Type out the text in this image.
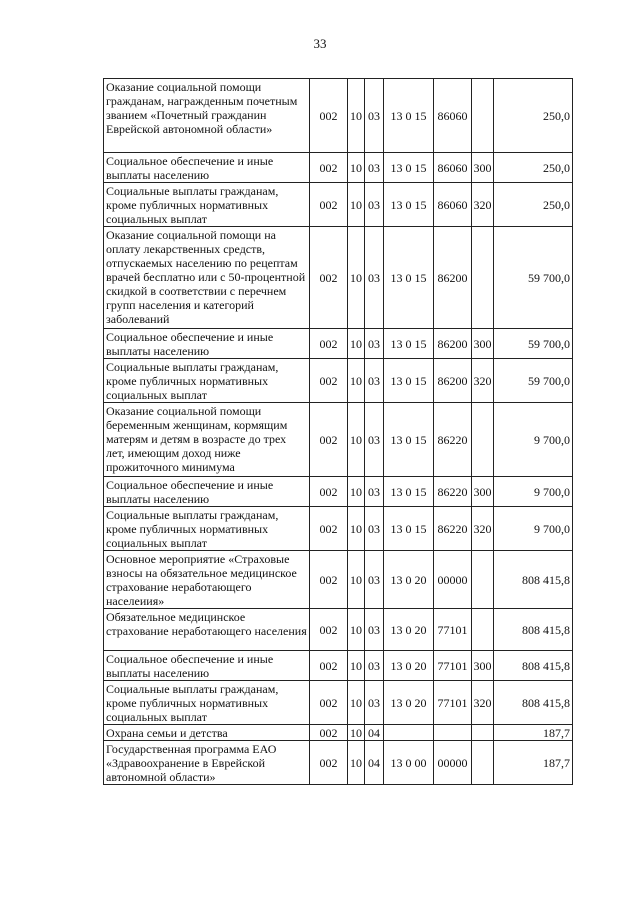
33
Оказание социальной помощи гражданам, награжденным почетным званием «Почетный гражданин Еврейской автономной области»	002	10	03	13 0 15	86060		250,0
Социальное обеспечение и иные выплаты населению	002	10	03	13 0 15	86060	300	250,0
Социальные выплаты гражданам, кроме публичных нормативных социальных выплат	002	10	03	13 0 15	86060	320	250,0
Оказание социальной помощи на оплату лекарственных средств, отпускаемых населению по рецептам врачей бесплатно или с 50-процентной скидкой в соответствии с перечнем групп населения и категорий заболеваний	002	10	03	13 0 15	86200		59 700,0
Социальное обеспечение и иные выплаты населению	002	10	03	13 0 15	86200	300	59 700,0
Социальные выплаты гражданам, кроме публичных нормативных социальных выплат	002	10	03	13 0 15	86200	320	59 700,0
Оказание социальной помощи беременным женщинам, кормящим матерям и детям в возрасте до трех лет, имеющим доход ниже прожиточного минимума	002	10	03	13 0 15	86220		9 700,0
Социальное обеспечение и иные выплаты населению	002	10	03	13 0 15	86220	300	9 700,0
Социальные выплаты гражданам, кроме публичных нормативных социальных выплат	002	10	03	13 0 15	86220	320	9 700,0
Основное мероприятие «Страховые взносы на обязательное медицинское страхование неработающего населеиия»	002	10	03	13 0 20	00000		808 415,8
Обязательное медицинское страхование неработающего населения	002	10	03	13 0 20	77101		808 415,8
Социальное обеспечение и иные выплаты населению	002	10	03	13 0 20	77101	300	808 415,8
Социальные выплаты гражданам, кроме публичных нормативных социальных выплат	002	10	03	13 0 20	77101	320	808 415,8
Охрана семьи и детства	002	10	04				187,7
Государственная программа ЕАО «Здравоохранение в Еврейской автономной области»	002	10	04	13 0 00	00000		187,7
